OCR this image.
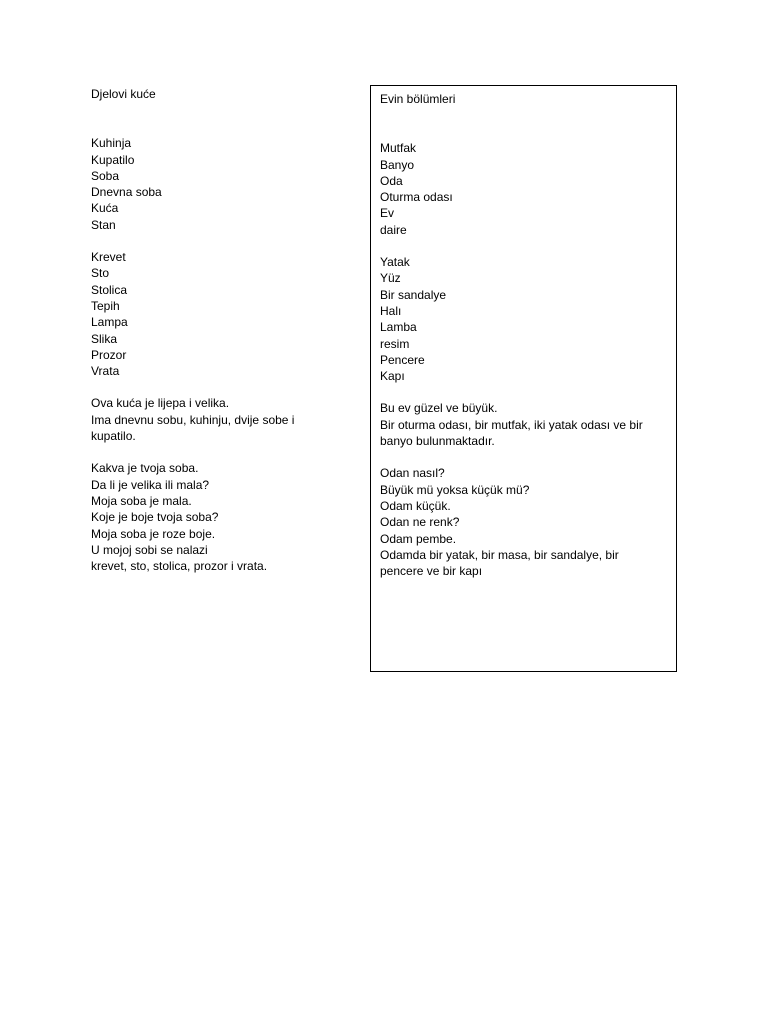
Djelovi kuće
Kuhinja
Kupatilo
Soba
Dnevna soba
Kuća
Stan
Krevet
Sto
Stolica
Tepih
Lampa
Slika
Prozor
Vrata
Ova kuća je lijepa i velika.
Ima dnevnu sobu, kuhinju, dvije sobe i
kupatilo.
Kakva je tvoja soba.
Da li je velika ili mala?
Moja soba je mala.
Koje je boje tvoja soba?
Moja soba je roze boje.
U mojoj sobi se nalazi
krevet, sto, stolica, prozor i vrata.
Evin bölümleri
Mutfak
Banyo
Oda
Oturma odası
Ev
daire
Yatak
Yüz
Bir sandalye
Halı
Lamba
resim
Pencere
Kapı
Bu ev güzel ve büyük.
Bir oturma odası, bir mutfak, iki yatak odası ve bir
banyo bulunmaktadır.
Odan nasıl?
Büyük mü yoksa küçük mü?
Odam küçük.
Odan ne renk?
Odam pembe.
Odamda bir yatak, bir masa, bir sandalye, bir
pencere ve bir kapı
